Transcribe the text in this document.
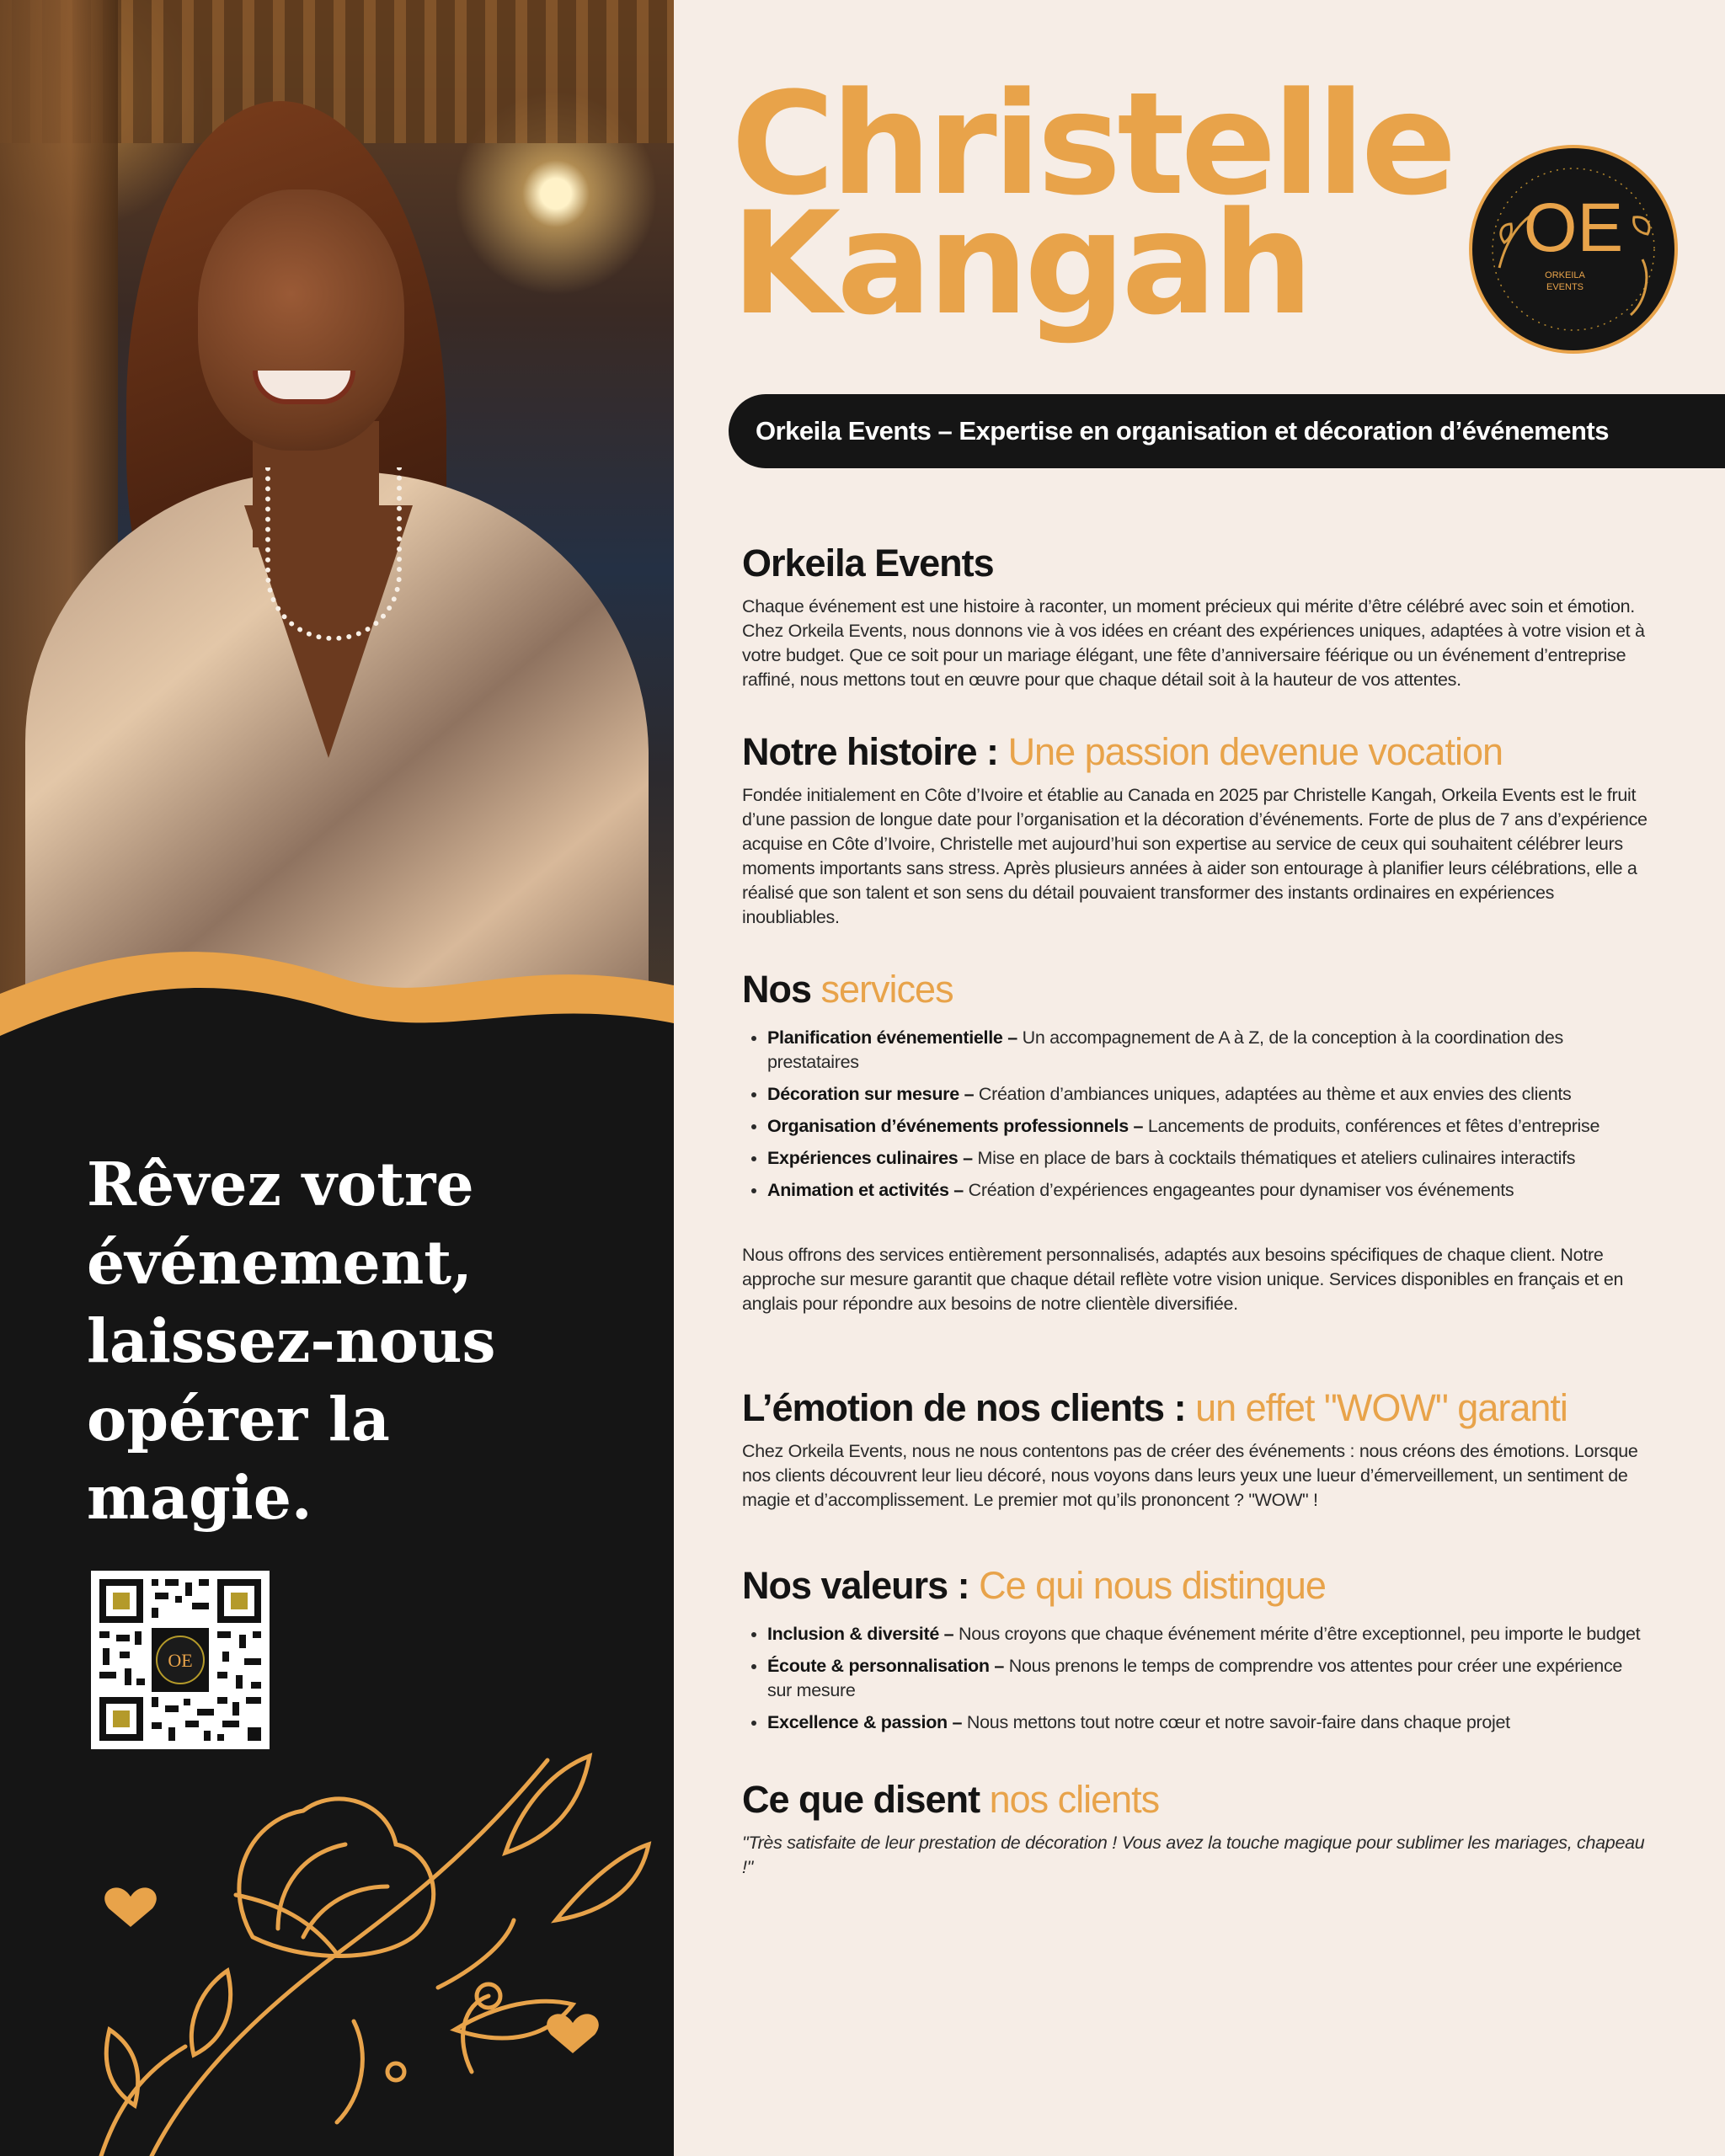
Rêvez votre événement, laissez-nous opérer la magie.

OE
Christelle
Kangah	OE
ORKEILA
EVENTS
Orkeila Events – Expertise en organisation et décoration d’événements
Orkeila Events

Chaque événement est une histoire à raconter, un moment précieux qui mérite d’être célébré avec soin et émotion. Chez Orkeila Events, nous donnons vie à vos idées en créant des expériences uniques, adaptées à votre vision et à votre budget. Que ce soit pour un mariage élégant, une fête d’anniversaire féérique ou un événement d’entreprise raffiné, nous mettons tout en œuvre pour que chaque détail soit à la hauteur de vos attentes.

Notre histoire : Une passion devenue vocation

Fondée initialement en Côte d’Ivoire et établie au Canada en 2025 par Christelle Kangah, Orkeila Events est le fruit d’une passion de longue date pour l’organisation et la décoration d’événements. Forte de plus de 7 ans d’expérience acquise en Côte d’Ivoire, Christelle met aujourd’hui son expertise au service de ceux qui souhaitent célébrer leurs moments importants sans stress. Après plusieurs années à aider son entourage à planifier leurs célébrations, elle a réalisé que son talent et son sens du détail pouvaient transformer des instants ordinaires en expériences inoubliables.

Nos services
• Planification événementielle – Un accompagnement de A à Z, de la conception à la coordination des prestataires
• Décoration sur mesure – Création d’ambiances uniques, adaptées au thème et aux envies des clients
• Organisation d’événements professionnels – Lancements de produits, conférences et fêtes d’entreprise
• Expériences culinaires – Mise en place de bars à cocktails thématiques et ateliers culinaires interactifs
• Animation et activités – Création d’expériences engageantes pour dynamiser vos événements

Nous offrons des services entièrement personnalisés, adaptés aux besoins spécifiques de chaque client. Notre approche sur mesure garantit que chaque détail reflète votre vision unique. Services disponibles en français et en anglais pour répondre aux besoins de notre clientèle diversifiée.

L’émotion de nos clients : un effet "WOW" garanti

Chez Orkeila Events, nous ne nous contentons pas de créer des événements : nous créons des émotions. Lorsque nos clients découvrent leur lieu décoré, nous voyons dans leurs yeux une lueur d’émerveillement, un sentiment de magie et d’accomplissement. Le premier mot qu’ils prononcent ? "WOW" !

Nos valeurs : Ce qui nous distingue
• Inclusion & diversité – Nous croyons que chaque événement mérite d’être exceptionnel, peu importe le budget
• Écoute & personnalisation – Nous prenons le temps de comprendre vos attentes pour créer une expérience sur mesure
• Excellence & passion – Nous mettons tout notre cœur et notre savoir-faire dans chaque projet
Ce que disent nos clients

"Très satisfaite de leur prestation de décoration ! Vous avez la touche magique pour sublimer les mariages, chapeau !"
